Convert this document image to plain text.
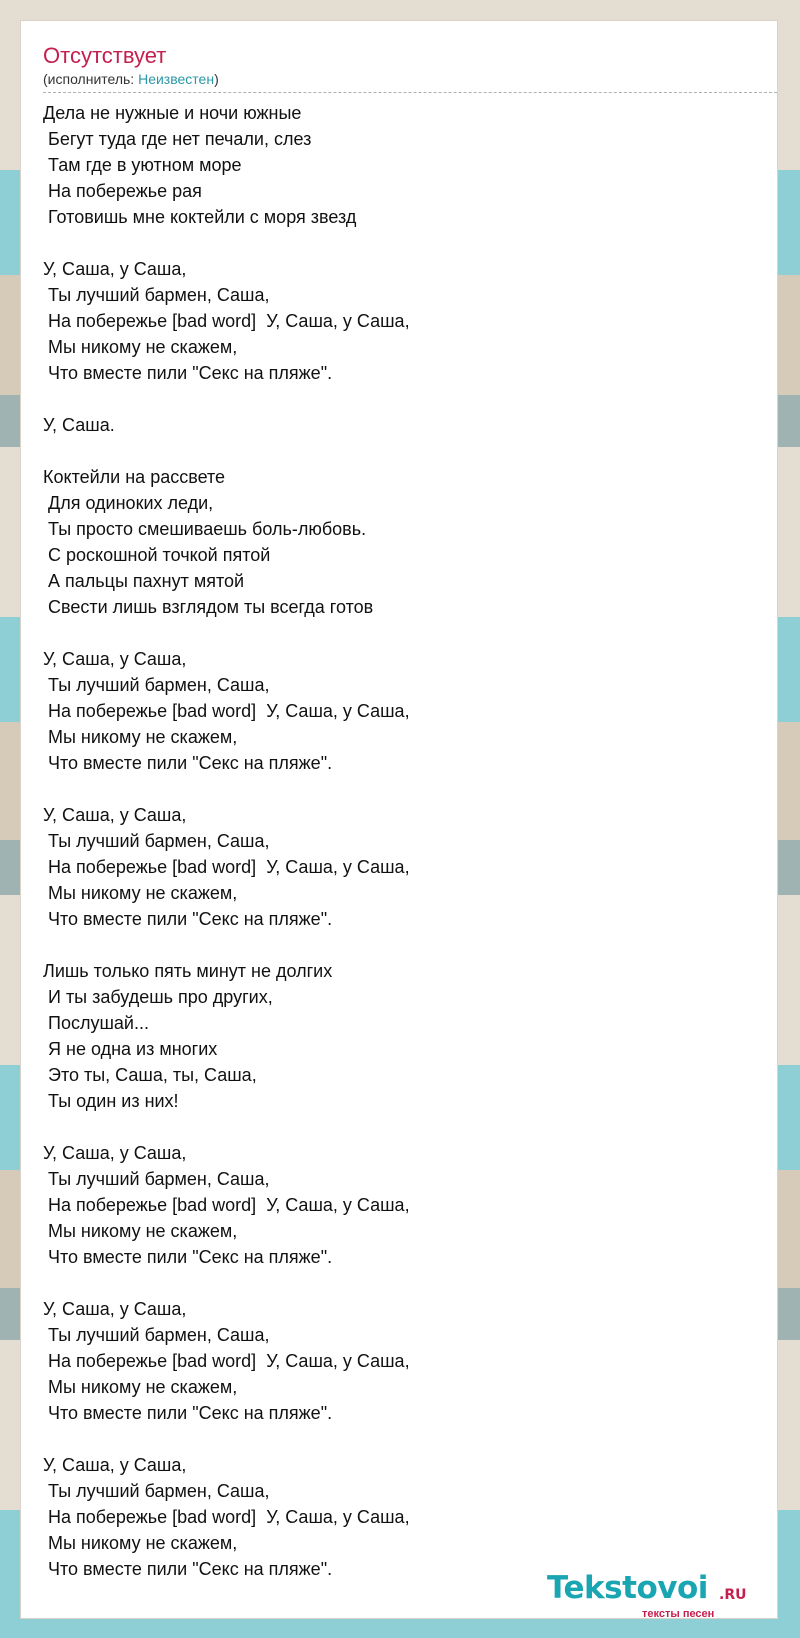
Отсутствует
(исполнитель: Неизвестен)
Дела не нужные и ночи южные
Бегут туда где нет печали, слез
Там где в уютном море
На побережье рая
Готовишь мне коктейли с моря звезд
У, Саша, у Саша,
Ты лучший бармен, Саша,
На побережье [bad word]  У, Саша, у Саша,
Мы никому не скажем,
Что вместе пили "Секс на пляже".
У, Саша.
Коктейли на рассвете
Для одиноких леди,
Ты просто смешиваешь боль-любовь.
С роскошной точкой пятой
А пальцы пахнут мятой
Свести лишь взглядом ты всегда готов
У, Саша, у Саша,
Ты лучший бармен, Саша,
На побережье [bad word]  У, Саша, у Саша,
Мы никому не скажем,
Что вместе пили "Секс на пляже".
У, Саша, у Саша,
Ты лучший бармен, Саша,
На побережье [bad word]  У, Саша, у Саша,
Мы никому не скажем,
Что вместе пили "Секс на пляже".
Лишь только пять минут не долгих
И ты забудешь про других,
Послушай...
Я не одна из многих
Это ты, Саша, ты, Саша,
Ты один из них!
У, Саша, у Саша,
Ты лучший бармен, Саша,
На побережье [bad word]  У, Саша, у Саша,
Мы никому не скажем,
Что вместе пили "Секс на пляже".
У, Саша, у Саша,
Ты лучший бармен, Саша,
На побережье [bad word]  У, Саша, у Саша,
Мы никому не скажем,
Что вместе пили "Секс на пляже".
У, Саша, у Саша,
Ты лучший бармен, Саша,
На побережье [bad word]  У, Саша, у Саша,
Мы никому не скажем,
Что вместе пили "Секс на пляже".
Tekstovoi .RU
тексты песен
